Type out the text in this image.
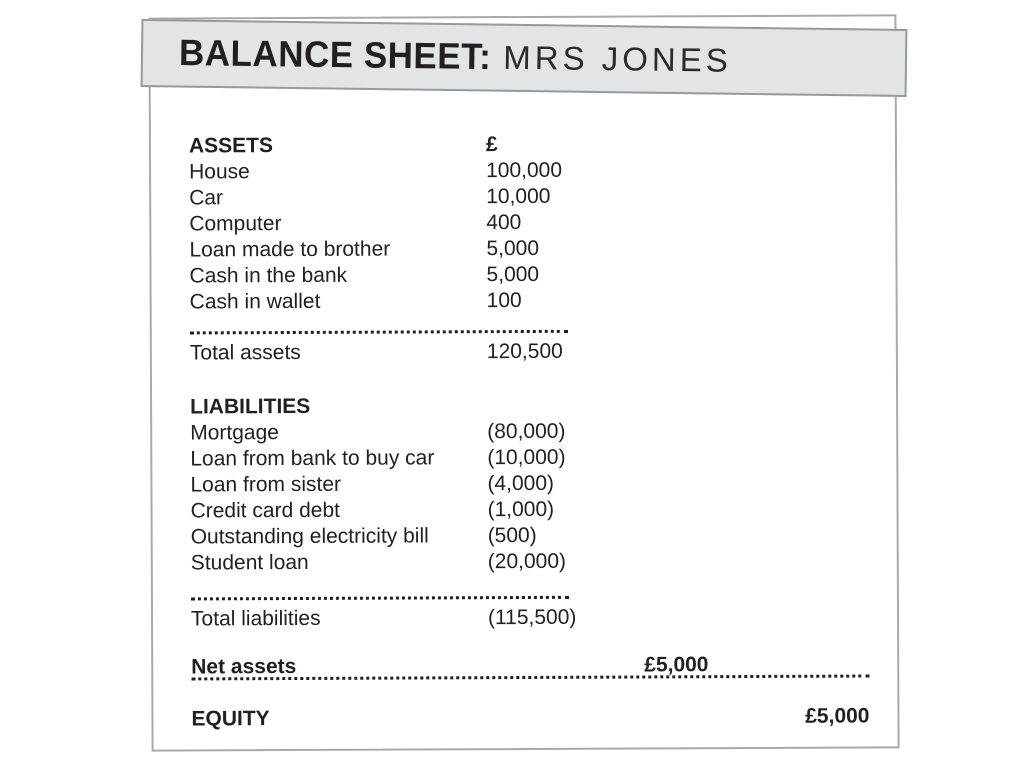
ASSETS	£
House	100,000
Car	10,000
Computer	400
Loan made to brother	5,000
Cash in the bank	5,000
Cash in wallet	100
Total assets	120,500
LIABILITIES
Mortgage	(80,000)
Loan from bank to buy car	(10,000)
Loan from sister	(4,000)
Credit card debt	(1,000)
Outstanding electricity bill	(500)
Student loan	(20,000)
Total liabilities	(115,500)
Net assets	£5,000
EQUITY	£5,000
BALANCE SHEET: MRS JONES
